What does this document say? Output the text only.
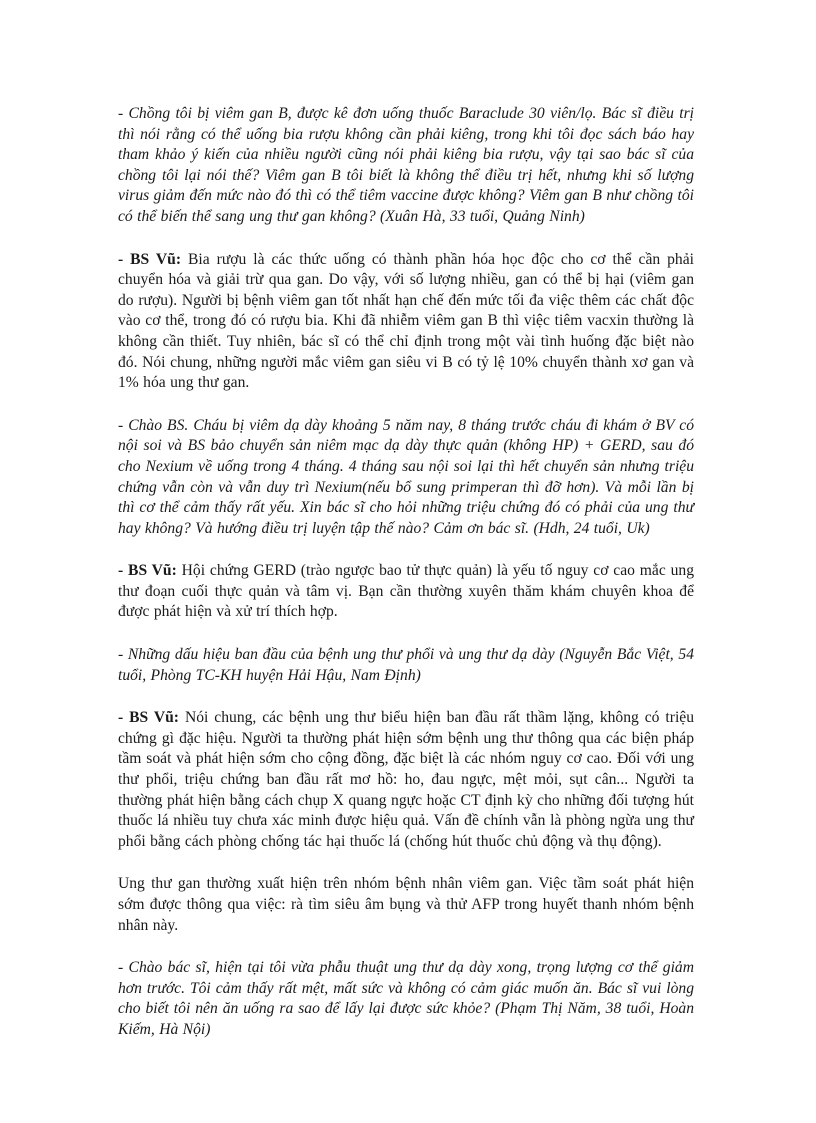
- Chồng tôi bị viêm gan B, được kê đơn uống thuốc Baraclude 30 viên/lọ. Bác sĩ điều trị thì nói rằng có thể uống bia rượu không cần phải kiêng, trong khi tôi đọc sách báo hay tham khảo ý kiến của nhiều người cũng nói phải kiêng bia rượu, vậy tại sao bác sĩ của chồng tôi lại nói thế? Viêm gan B tôi biết là không thể điều trị hết, nhưng khi số lượng virus giảm đến mức nào đó thì có thể tiêm vaccine được không? Viêm gan B như chồng tôi có thể biến thể sang ung thư gan không? (Xuân Hà, 33 tuổi, Quảng Ninh)

- BS Vũ: Bia rượu là các thức uống có thành phần hóa học độc cho cơ thể cần phải chuyển hóa và giải trừ qua gan. Do vậy, với số lượng nhiều, gan có thể bị hại (viêm gan do rượu). Người bị bệnh viêm gan tốt nhất hạn chế đến mức tối đa việc thêm các chất độc vào cơ thể, trong đó có rượu bia. Khi đã nhiễm viêm gan B thì việc tiêm vacxin thường là không cần thiết. Tuy nhiên, bác sĩ có thể chỉ định trong một vài tình huống đặc biệt nào đó. Nói chung, những người mắc viêm gan siêu vi B có tỷ lệ 10% chuyển thành xơ gan và 1% hóa ung thư gan.

- Chào BS. Cháu bị viêm dạ dày khoảng 5 năm nay, 8 tháng trước cháu đi khám ở BV có nội soi và BS bảo chuyển sản niêm mạc dạ dày thực quản (không HP) + GERD, sau đó cho Nexium về uống trong 4 tháng. 4 tháng sau nội soi lại thì hết chuyển sản nhưng triệu chứng vẫn còn và vẫn duy trì Nexium(nếu bổ sung primperan thì đỡ hơn). Và mỗi lần bị thì cơ thể cảm thấy rất yếu. Xin bác sĩ cho hỏi những triệu chứng đó có phải của ung thư hay không? Và hướng điều trị luyện tập thế nào? Cảm ơn bác sĩ. (Hdh, 24 tuổi, Uk)

- BS Vũ: Hội chứng GERD (trào ngược bao tử thực quản) là yếu tố nguy cơ cao mắc ung thư đoạn cuối thực quản và tâm vị. Bạn cần thường xuyên thăm khám chuyên khoa để được phát hiện và xử trí thích hợp.

- Những dấu hiệu ban đầu của bệnh ung thư phổi và ung thư dạ dày (Nguyễn Bắc Việt, 54 tuổi, Phòng TC-KH huyện Hải Hậu, Nam Định)

- BS Vũ: Nói chung, các bệnh ung thư biểu hiện ban đầu rất thầm lặng, không có triệu chứng gì đặc hiệu. Người ta thường phát hiện sớm bệnh ung thư thông qua các biện pháp tầm soát và phát hiện sớm cho cộng đồng, đặc biệt là các nhóm nguy cơ cao. Đối với ung thư phổi, triệu chứng ban đầu rất mơ hồ: ho, đau ngực, mệt mỏi, sụt cân... Người ta thường phát hiện bằng cách chụp X quang ngực hoặc CT định kỳ cho những đối tượng hút thuốc lá nhiều tuy chưa xác minh được hiệu quả. Vấn đề chính vẫn là phòng ngừa ung thư phổi bằng cách phòng chống tác hại thuốc lá (chống hút thuốc chủ động và thụ động).

Ung thư gan thường xuất hiện trên nhóm bệnh nhân viêm gan. Việc tầm soát phát hiện sớm được thông qua việc: rà tìm siêu âm bụng và thử AFP trong huyết thanh nhóm bệnh nhân này.

- Chào bác sĩ, hiện tại tôi vừa phẫu thuật ung thư dạ dày xong, trọng lượng cơ thể giảm hơn trước. Tôi cảm thấy rất mệt, mất sức và không có cảm giác muốn ăn. Bác sĩ vui lòng cho biết tôi nên ăn uống ra sao để lấy lại được sức khỏe? (Phạm Thị Năm, 38 tuổi, Hoàn Kiếm, Hà Nội)
